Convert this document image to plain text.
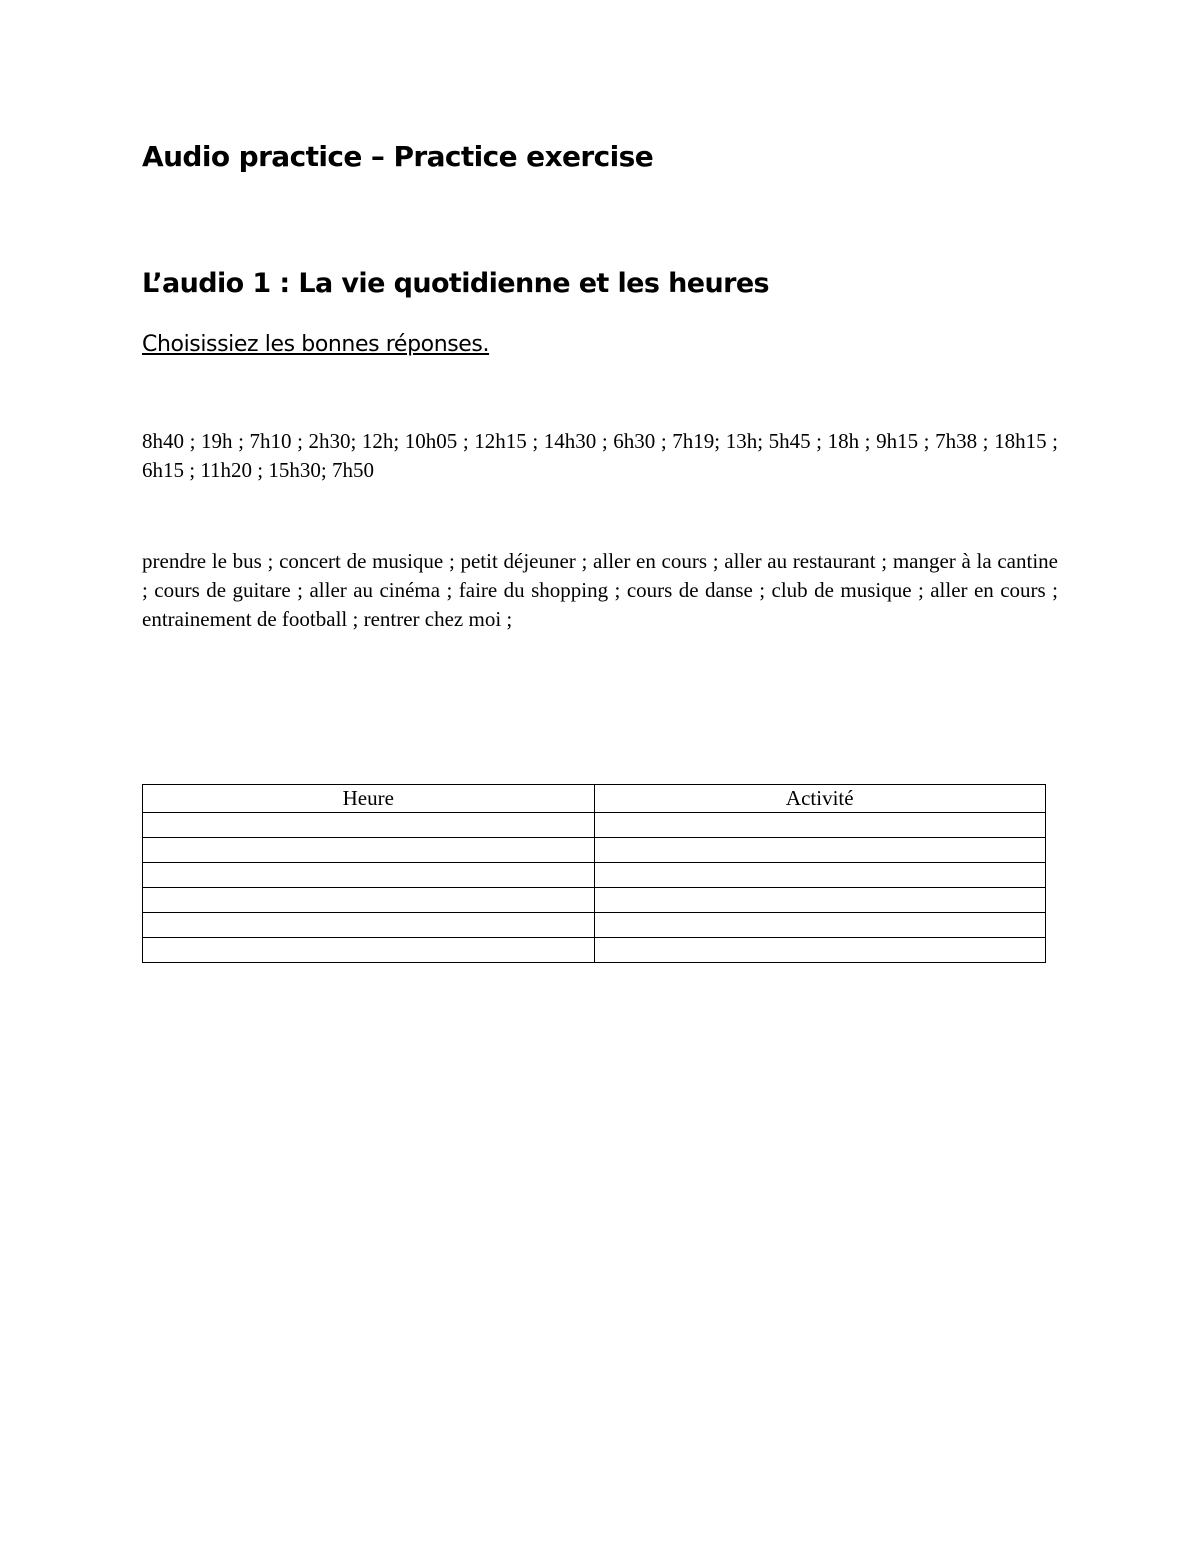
Audio practice – Practice exercise
L’audio 1 : La vie quotidienne et les heures
Choisissiez les bonnes réponses.
8h40 ; 19h ; 7h10 ; 2h30; 12h; 10h05 ; 12h15 ; 14h30 ; 6h30 ; 7h19; 13h; 5h45 ; 18h ; 9h15 ; 7h38 ; 18h15 ; 6h15 ; 11h20 ; 15h30; 7h50
prendre le bus ; concert de musique ; petit déjeuner ; aller en cours ; aller au restaurant ; manger à la cantine ; cours de guitare ; aller au cinéma ; faire du shopping ; cours de danse ; club de musique ; aller en cours ; entrainement de football ; rentrer chez moi ;
Heure	Activité
